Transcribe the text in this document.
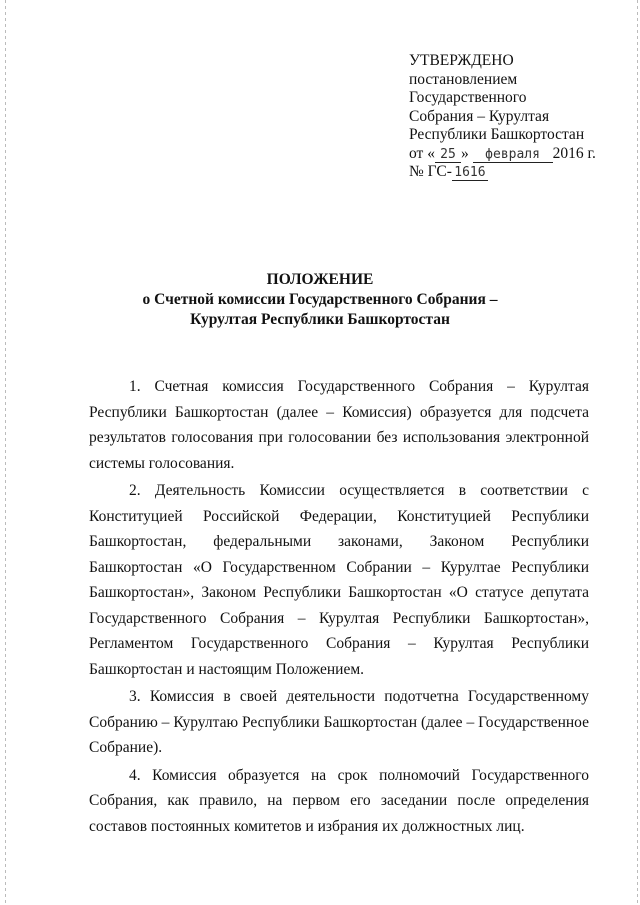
УТВЕРЖДЕНО
постановлением
Государственного
Собрания – Курултая
Республики Башкортостан
от « 25 » февраля 2016 г.
№ ГС- 1616
ПОЛОЖЕНИЕ
о Счетной комиссии Государственного Собрания –
Курултая Республики Башкортостан

1. Счетная комиссия Государственного Собрания – Курултая Республики Башкортостан (далее – Комиссия) образуется для подсчета результатов голосования при голосовании без использования электронной системы голосования.

2. Деятельность Комиссии осуществляется в соответствии с Конституцией Российской Федерации, Конституцией Республики Башкортостан, федеральными законами, Законом Республики Башкортостан «О Государственном Собрании – Курултае Республики Башкортостан», Законом Республики Башкортостан «О статусе депутата Государственного Собрания – Курултая Республики Башкортостан», Регламентом Государственного Собрания – Курултая Республики Башкортостан и настоящим Положением.

3. Комиссия в своей деятельности подотчетна Государственному Собранию – Курултаю Республики Башкортостан (далее – Государственное Собрание).

4. Комиссия образуется на срок полномочий Государственного Собрания, как правило, на первом его заседании после определения составов постоянных комитетов и избрания их должностных лиц.
